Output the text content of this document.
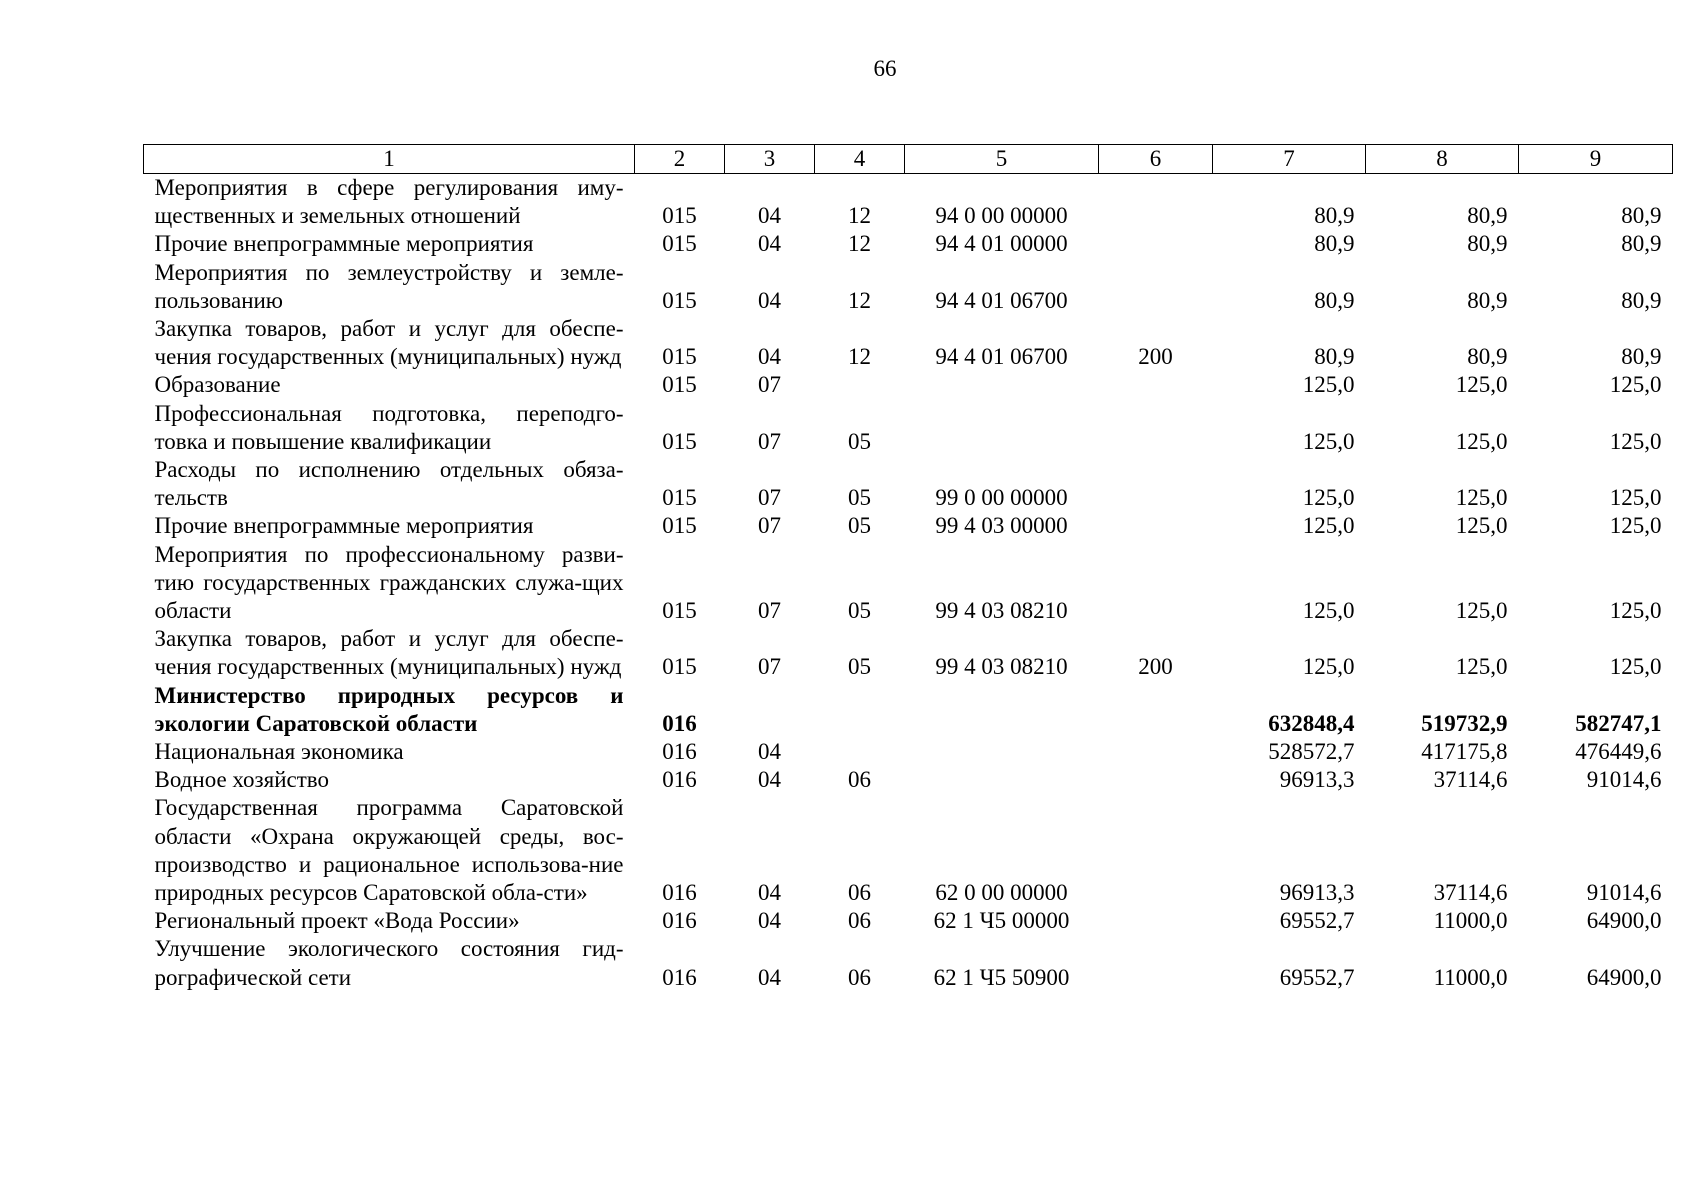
66
1	2	3	4	5	6	7	8	9
Мероприятия в сфере регулирования иму-щественных и земельных отношений	015	04	12	94 0 00 00000		80,9	80,9	80,9
Прочие внепрограммные мероприятия	015	04	12	94 4 01 00000		80,9	80,9	80,9
Мероприятия по землеустройству и земле-пользованию	015	04	12	94 4 01 06700		80,9	80,9	80,9
Закупка товаров, работ и услуг для обеспе-чения государственных (муниципальных) нужд	015	04	12	94 4 01 06700	200	80,9	80,9	80,9
Образование	015	07				125,0	125,0	125,0
Профессиональная подготовка, переподго-товка и повышение квалификации	015	07	05			125,0	125,0	125,0
Расходы по исполнению отдельных обяза-тельств	015	07	05	99 0 00 00000		125,0	125,0	125,0
Прочие внепрограммные мероприятия	015	07	05	99 4 03 00000		125,0	125,0	125,0
Мероприятия по профессиональному разви-тию государственных гражданских служа-щих области	015	07	05	99 4 03 08210		125,0	125,0	125,0
Закупка товаров, работ и услуг для обеспе-чения государственных (муниципальных) нужд	015	07	05	99 4 03 08210	200	125,0	125,0	125,0
Министерство природных ресурсов и экологии Саратовской области	016					632848,4	519732,9	582747,1
Национальная экономика	016	04				528572,7	417175,8	476449,6
Водное хозяйство	016	04	06			96913,3	37114,6	91014,6
Государственная программа Саратовской области «Охрана окружающей среды, вос-производство и рациональное использова-ние природных ресурсов Саратовской обла-сти»	016	04	06	62 0 00 00000		96913,3	37114,6	91014,6
Региональный проект «Вода России»	016	04	06	62 1 Ч5 00000		69552,7	11000,0	64900,0
Улучшение экологического состояния гид-рографической сети	016	04	06	62 1 Ч5 50900		69552,7	11000,0	64900,0
